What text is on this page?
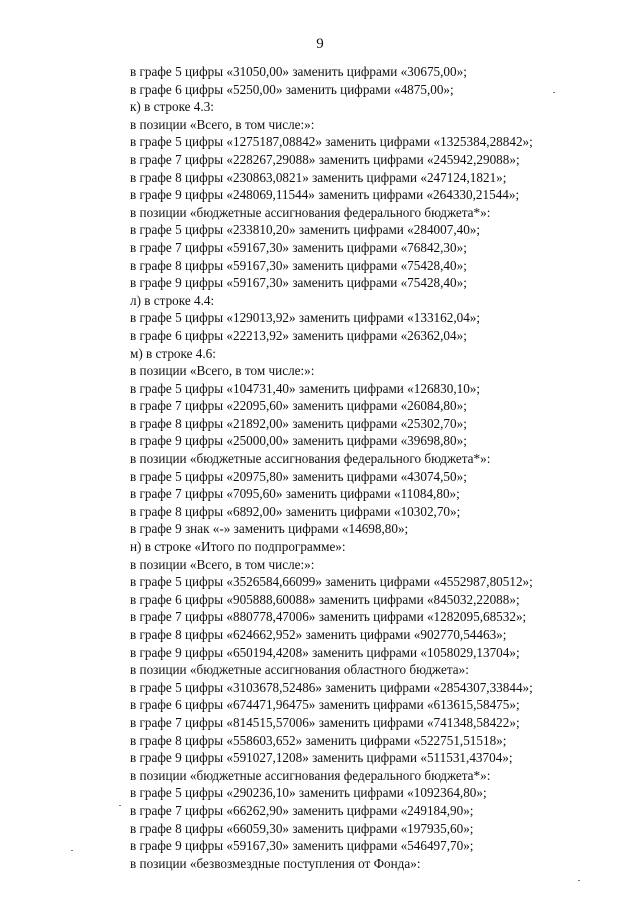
9
в графе 5 цифры «31050,00» заменить цифрами «30675,00»;
в графе 6 цифры «5250,00» заменить цифрами «4875,00»;
к) в строке 4.3:
в позиции «Всего, в том числе:»:
в графе 5 цифры «1275187,08842» заменить цифрами «1325384,28842»;
в графе 7 цифры «228267,29088» заменить цифрами «245942,29088»;
в графе 8 цифры «230863,0821» заменить цифрами «247124,1821»;
в графе 9 цифры «248069,11544» заменить цифрами «264330,21544»;
в позиции «бюджетные ассигнования федерального бюджета*»:
в графе 5 цифры «233810,20» заменить цифрами «284007,40»;
в графе 7 цифры «59167,30» заменить цифрами «76842,30»;
в графе 8 цифры «59167,30» заменить цифрами «75428,40»;
в графе 9 цифры «59167,30» заменить цифрами «75428,40»;
л) в строке 4.4:
в графе 5 цифры «129013,92» заменить цифрами «133162,04»;
в графе 6 цифры «22213,92» заменить цифрами «26362,04»;
м) в строке 4.6:
в позиции «Всего, в том числе:»:
в графе 5 цифры «104731,40» заменить цифрами «126830,10»;
в графе 7 цифры «22095,60» заменить цифрами «26084,80»;
в графе 8 цифры «21892,00» заменить цифрами «25302,70»;
в графе 9 цифры «25000,00» заменить цифрами «39698,80»;
в позиции «бюджетные ассигнования федерального бюджета*»:
в графе 5 цифры «20975,80» заменить цифрами «43074,50»;
в графе 7 цифры «7095,60» заменить цифрами «11084,80»;
в графе 8 цифры «6892,00» заменить цифрами «10302,70»;
в графе 9 знак «-» заменить цифрами «14698,80»;
н) в строке «Итого по подпрограмме»:
в позиции «Всего, в том числе:»:
в графе 5 цифры «3526584,66099» заменить цифрами «4552987,80512»;
в графе 6 цифры «905888,60088» заменить цифрами «845032,22088»;
в графе 7 цифры «880778,47006» заменить цифрами «1282095,68532»;
в графе 8 цифры «624662,952» заменить цифрами «902770,54463»;
в графе 9 цифры «650194,4208» заменить цифрами «1058029,13704»;
в позиции «бюджетные ассигнования областного бюджета»:
в графе 5 цифры «3103678,52486» заменить цифрами «2854307,33844»;
в графе 6 цифры «674471,96475» заменить цифрами «613615,58475»;
в графе 7 цифры «814515,57006» заменить цифрами «741348,58422»;
в графе 8 цифры «558603,652» заменить цифрами «522751,51518»;
в графе 9 цифры «591027,1208» заменить цифрами «511531,43704»;
в позиции «бюджетные ассигнования федерального бюджета*»:
в графе 5 цифры «290236,10» заменить цифрами «1092364,80»;
в графе 7 цифры «66262,90» заменить цифрами «249184,90»;
в графе 8 цифры «66059,30» заменить цифрами «197935,60»;
в графе 9 цифры «59167,30» заменить цифрами «546497,70»;
в позиции «безвозмездные поступления от Фонда»:
